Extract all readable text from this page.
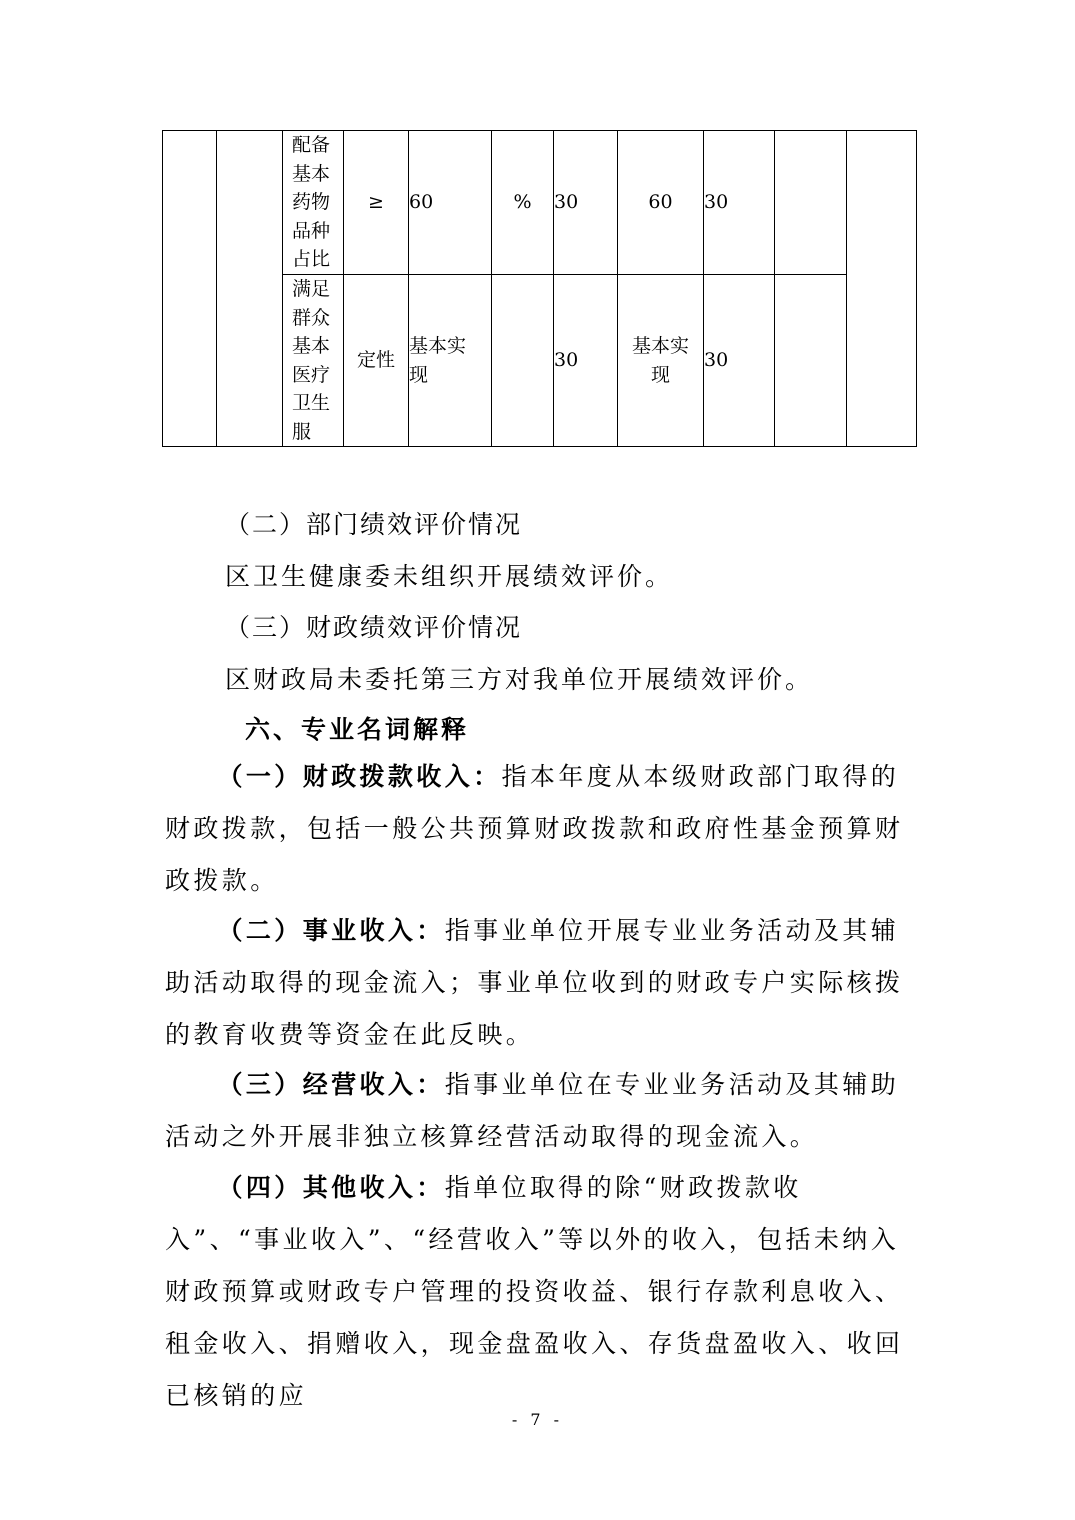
		配备基本药物品种占比	≥	60	%	30	60	30		

		满足群众基本医疗卫生服	定性	基本实现		30	基本实现	30		
（二）部门绩效评价情况
区卫生健康委未组织开展绩效评价。
（三）财政绩效评价情况
区财政局未委托第三方对我单位开展绩效评价。
六、专业名词解释

（一）财政拨款收入：指本年度从本级财政部门取得的财政拨款，包括一般公共预算财政拨款和政府性基金预算财政拨款。

（二）事业收入：指事业单位开展专业业务活动及其辅助活动取得的现金流入；事业单位收到的财政专户实际核拨的教育收费等资金在此反映。

（三）经营收入：指事业单位在专业业务活动及其辅助活动之外开展非独立核算经营活动取得的现金流入。

（四）其他收入：指单位取得的除“财政拨款收入”、“事业收入”、“经营收入”等以外的收入，包括未纳入财政预算或财政专户管理的投资收益、银行存款利息收入、租金收入、捐赠收入，现金盘盈收入、存货盘盈收入、收回已核销的应

- 7 -
